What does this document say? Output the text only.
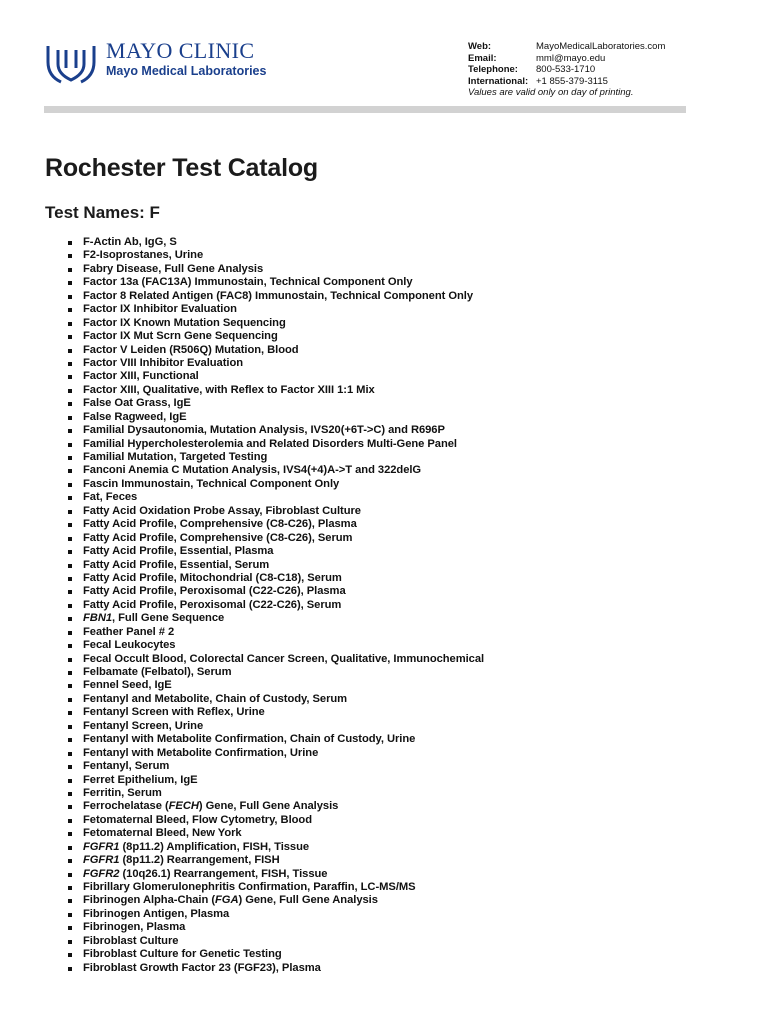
MAYO CLINIC
Mayo Medical Laboratories
Web:	MayoMedicalLaboratories.com
Email:	mml@mayo.edu
Telephone:	800-533-1710
International: +1 855-379-3115
Values are valid only on day of printing.
Rochester Test Catalog
Test Names: F
F-Actin Ab, IgG, S
F2-Isoprostanes, Urine
Fabry Disease, Full Gene Analysis
Factor 13a (FAC13A) Immunostain, Technical Component Only
Factor 8 Related Antigen (FAC8) Immunostain, Technical Component Only
Factor IX Inhibitor Evaluation
Factor IX Known Mutation Sequencing
Factor IX Mut Scrn Gene Sequencing
Factor V Leiden (R506Q) Mutation, Blood
Factor VIII Inhibitor Evaluation
Factor XIII, Functional
Factor XIII, Qualitative, with Reflex to Factor XIII 1:1 Mix
False Oat Grass, IgE
False Ragweed, IgE
Familial Dysautonomia, Mutation Analysis, IVS20(+6T->C) and R696P
Familial Hypercholesterolemia and Related Disorders Multi-Gene Panel
Familial Mutation, Targeted Testing
Fanconi Anemia C Mutation Analysis, IVS4(+4)A->T and 322delG
Fascin Immunostain, Technical Component Only
Fat, Feces
Fatty Acid Oxidation Probe Assay, Fibroblast Culture
Fatty Acid Profile, Comprehensive (C8-C26), Plasma
Fatty Acid Profile, Comprehensive (C8-C26), Serum
Fatty Acid Profile, Essential, Plasma
Fatty Acid Profile, Essential, Serum
Fatty Acid Profile, Mitochondrial (C8-C18), Serum
Fatty Acid Profile, Peroxisomal (C22-C26), Plasma
Fatty Acid Profile, Peroxisomal (C22-C26), Serum
FBN1, Full Gene Sequence
Feather Panel # 2
Fecal Leukocytes
Fecal Occult Blood, Colorectal Cancer Screen, Qualitative, Immunochemical
Felbamate (Felbatol), Serum
Fennel Seed, IgE
Fentanyl and Metabolite, Chain of Custody, Serum
Fentanyl Screen with Reflex, Urine
Fentanyl Screen, Urine
Fentanyl with Metabolite Confirmation, Chain of Custody, Urine
Fentanyl with Metabolite Confirmation, Urine
Fentanyl, Serum
Ferret Epithelium, IgE
Ferritin, Serum
Ferrochelatase (FECH) Gene, Full Gene Analysis
Fetomaternal Bleed, Flow Cytometry, Blood
Fetomaternal Bleed, New York
FGFR1 (8p11.2) Amplification, FISH, Tissue
FGFR1 (8p11.2) Rearrangement, FISH
FGFR2 (10q26.1) Rearrangement, FISH, Tissue
Fibrillary Glomerulonephritis Confirmation, Paraffin, LC-MS/MS
Fibrinogen Alpha-Chain (FGA) Gene, Full Gene Analysis
Fibrinogen Antigen, Plasma
Fibrinogen, Plasma
Fibroblast Culture
Fibroblast Culture for Genetic Testing
Fibroblast Growth Factor 23 (FGF23), Plasma
